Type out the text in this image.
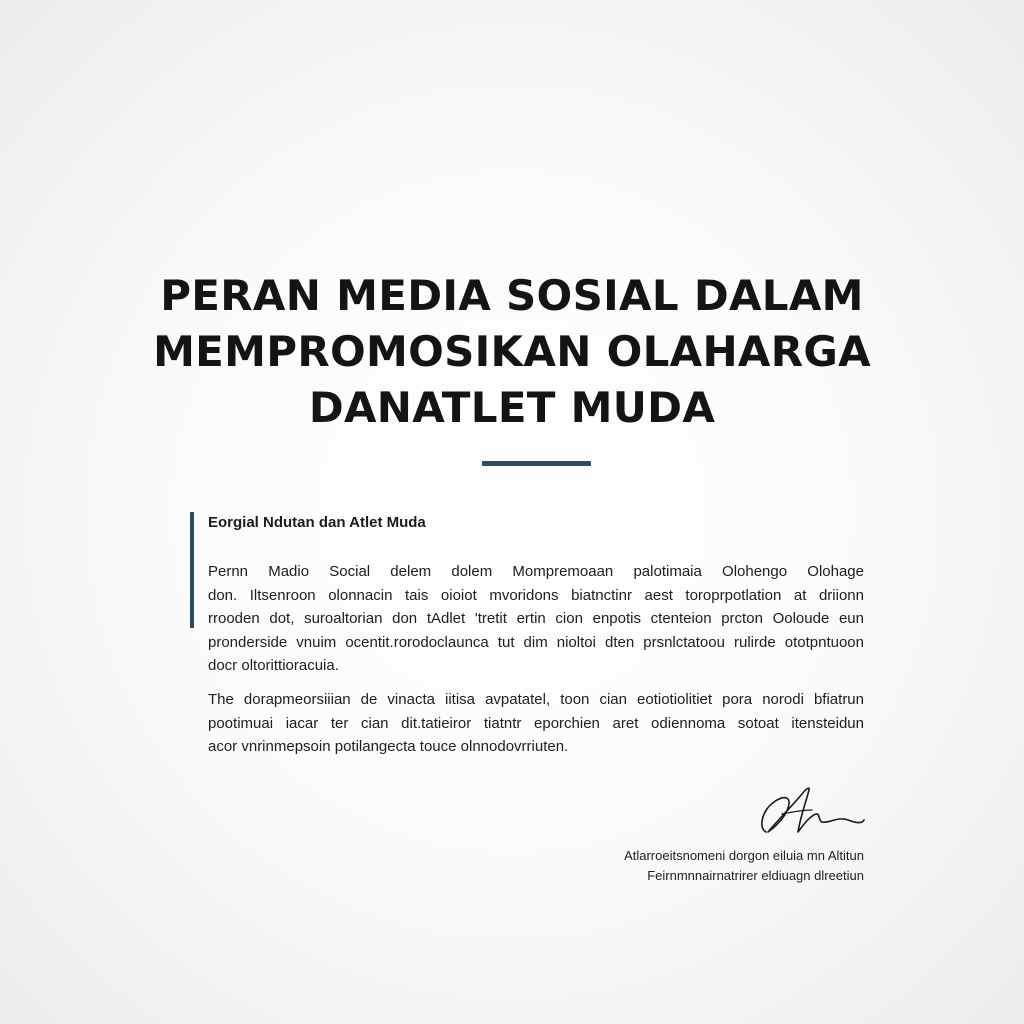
PERAN MEDIA SOSIAL DALAM
MEMPROMOSIKAN OLAHARGA
DANATLET MUDA
Eorgial Ndutan dan Atlet Muda

Pernn Madio Social delem dolem Mompremoaan palotimaia Olohengo Olohage
don. Iltsenroon olonnacin tais oioiot mvoridons biatnctinr aest toroprpotlation at driionn
rrooden dot, suroaltorian don tAdlet 'tretit ertin cion enpotis ctenteion prcton Ooloude eun
pronderside vnuim ocentit.rorodoclaunca tut dim nioltoi dten prsnlctatoou rulirde ototpntuoon
docr oltorittioracuia.

The dorapmeorsiiian de vinacta iitisa avpatatel, toon cian eotiotiolitiet pora norodi bfiatrun
pootimuai iacar ter cian dit.tatieiror tiatntr eporchien aret odiennoma sotoat itensteidun
acor vnrinmepsoin potilangecta touce olnnodovrriuten.

Atlarroeitsnomeni dorgon eiluia mn Altitun
Feirnmnnairnatrirer eldiuagn dlreetiun
